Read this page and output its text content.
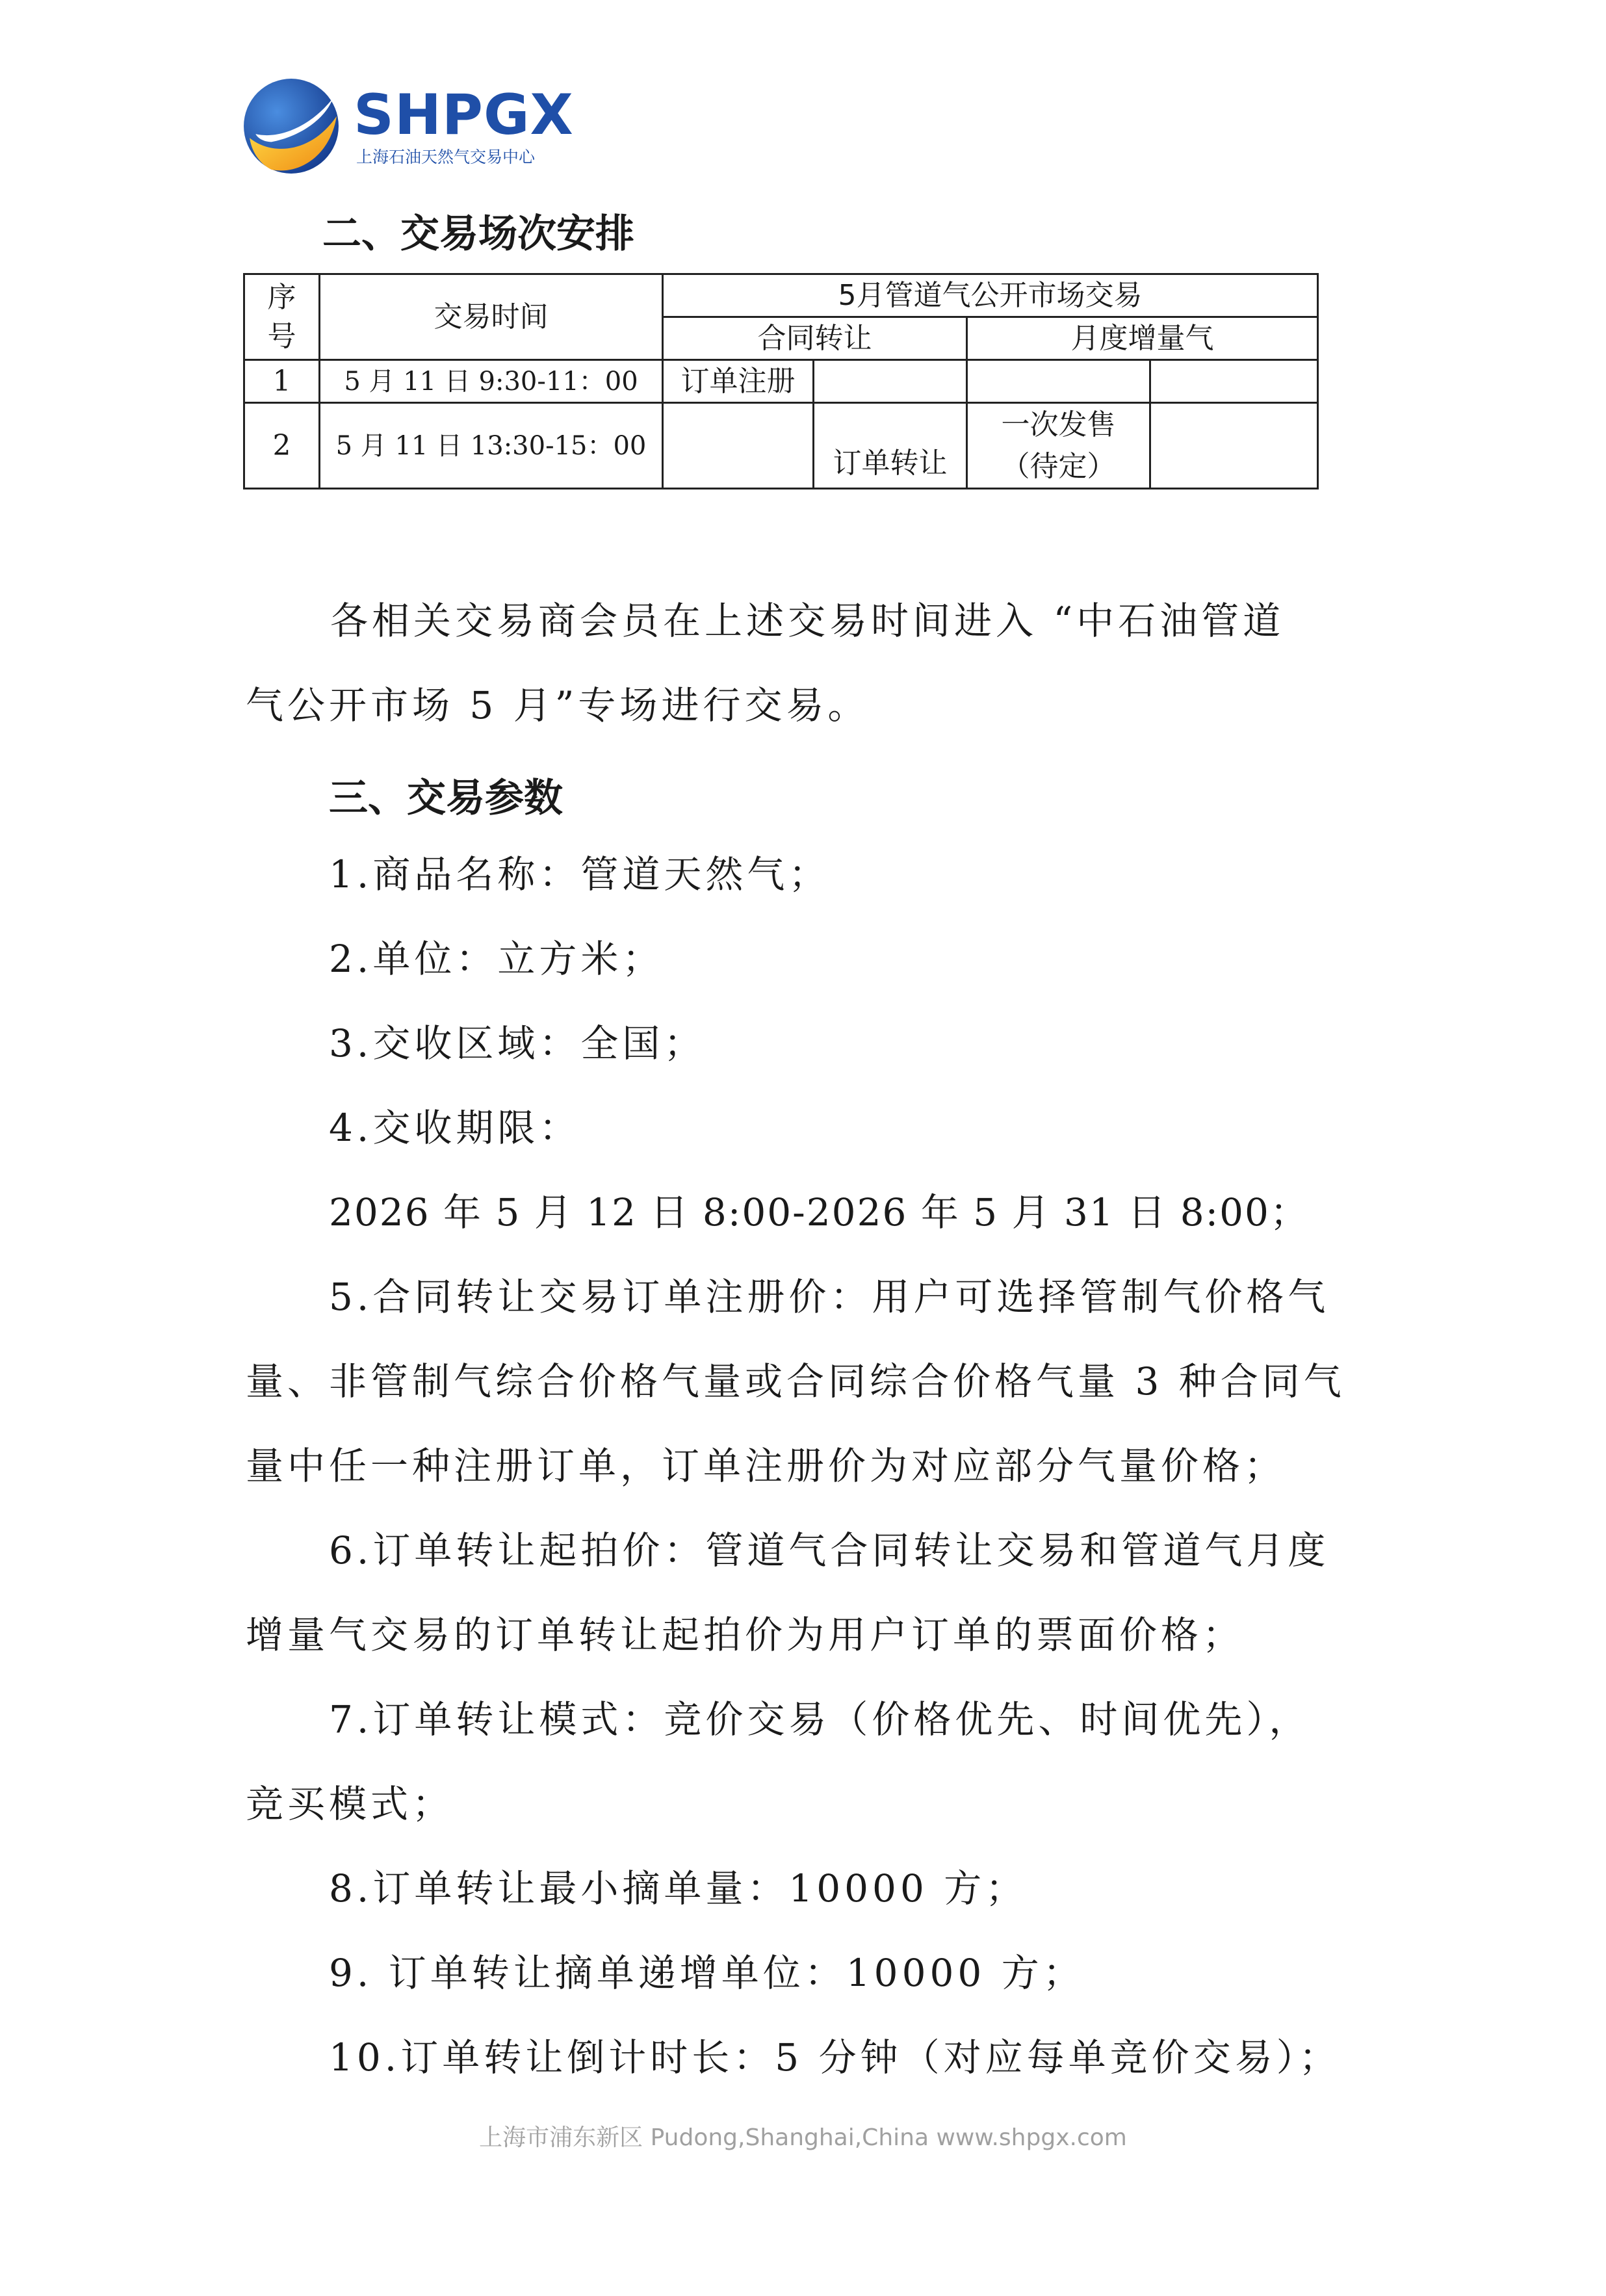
SHPGX
上海石油天然气交易中心
二、交易场次安排
序号	交易时间	5月管道气公开市场交易			
		合同转让		月度增量气	
1	5 月 11 日 9:30-11：00	订单注册			
2	5 月 11 日 13:30-15：00		订单转让	一次发售（待定）	
各相关交易商会员在上述交易时间进入 “中石油管道
气公开市场 5 月”专场进行交易。
三、交易参数
1.商品名称：管道天然气；
2.单位：立方米；
3.交收区域：全国；
4.交收期限：
2026 年 5 月 12 日 8:00-2026 年 5 月 31 日 8:00；
5.合同转让交易订单注册价：用户可选择管制气价格气
量、非管制气综合价格气量或合同综合价格气量 3 种合同气
量中任一种注册订单，订单注册价为对应部分气量价格；
6.订单转让起拍价：管道气合同转让交易和管道气月度
增量气交易的订单转让起拍价为用户订单的票面价格；
7.订单转让模式：竞价交易（价格优先、时间优先），
竞买模式；
8.订单转让最小摘单量：10000 方；
9. 订单转让摘单递增单位：10000 方；
10.订单转让倒计时长：5 分钟（对应每单竞价交易）；
上海市浦东新区 Pudong,Shanghai,China www.shpgx.com
